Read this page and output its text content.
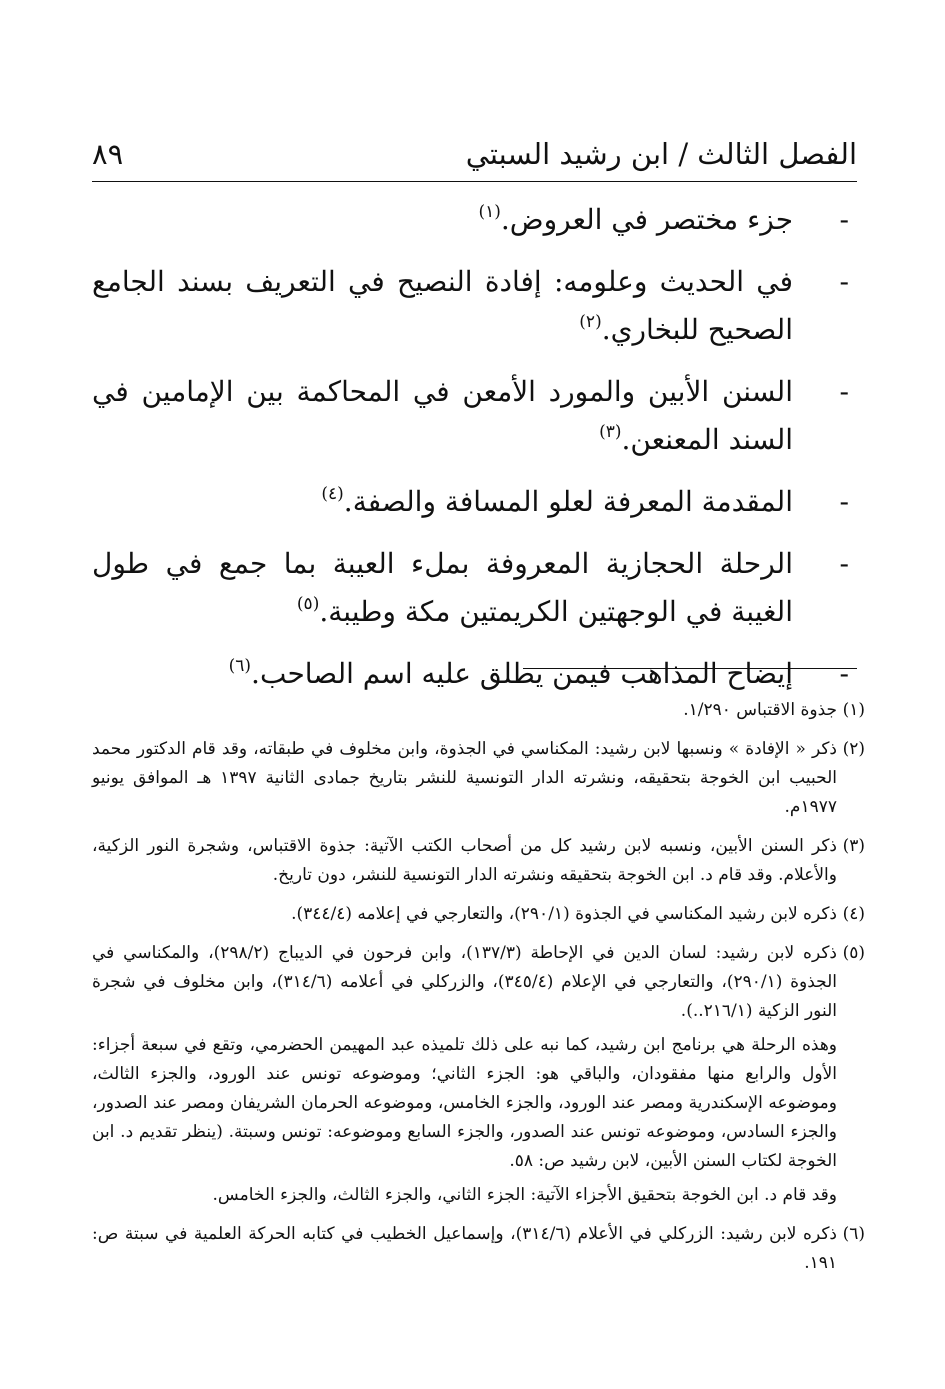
٨٩	الفصل الثالث / ابن رشيد السبتي
-
جزء مختصر في العروض.$^{(١)}$
-
في الحديث وعلومه: إفادة النصيح في التعريف بسند الجامع الصحيح للبخاري.$^{(٢)}$
-
السنن الأبين والمورد الأمعن في المحاكمة بين الإمامين في السند المعنعن.$^{(٣)}$
-
المقدمة المعرفة لعلو المسافة والصفة.$^{(٤)}$
-
الرحلة الحجازية المعروفة بملء العيبة بما جمع في طول الغيبة في الوجهتين الكريمتين مكة وطيبة.$^{(٥)}$
-
إيضاح المذاهب فيمن يطلق عليه اسم الصاحب.$^{(٦)}$
(١)

جذوة الاقتباس ١/٢٩٠.

(٢)

ذكر « الإفادة » ونسبها لابن رشيد: المكناسي في الجذوة، وابن مخلوف في طبقاته، وقد قام الدكتور محمد الحبيب ابن الخوجة بتحقيقه، ونشرته الدار التونسية للنشر بتاريخ جمادى الثانية ١٣٩٧ هـ الموافق يونيو ١٩٧٧م.

(٣)

ذكر السنن الأبين، ونسبه لابن رشيد كل من أصحاب الكتب الآتية: جذوة الاقتباس، وشجرة النور الزكية، والأعلام. وقد قام د. ابن الخوجة بتحقيقه ونشرته الدار التونسية للنشر، دون تاريخ.

(٤)

ذكره لابن رشيد المكناسي في الجذوة (٢٩٠/١)، والتعارجي في إعلامه (٣٤٤/٤).

(٥)

ذكره لابن رشيد: لسان الدين في الإحاطة (١٣٧/٣)، وابن فرحون في الديباج (٢٩٨/٢)، والمكناسي في الجذوة (٢٩٠/١)، والتعارجي في الإعلام (٣٤٥/٤)، والزركلي في أعلامه (٣١٤/٦)، وابن مخلوف في شجرة النور الزكية (٢١٦/١..).

وهذه الرحلة هي برنامج ابن رشيد، كما نبه على ذلك تلميذه عبد المهيمن الحضرمي، وتقع في سبعة أجزاء: الأول والرابع منها مفقودان، والباقي هو: الجزء الثاني؛ وموضوعه تونس عند الورود، والجزء الثالث، وموضوعه الإسكندرية ومصر عند الورود، والجزء الخامس، وموضوعه الحرمان الشريفان ومصر عند الصدور، والجزء السادس، وموضوعه تونس عند الصدور، والجزء السابع وموضوعه: تونس وسبتة. (ينظر تقديم د. ابن الخوجة لكتاب السنن الأبين، لابن رشيد ص: ٥٨.

وقد قام د. ابن الخوجة بتحقيق الأجزاء الآتية: الجزء الثاني، والجزء الثالث، والجزء الخامس.

(٦)

ذكره لابن رشيد: الزركلي في الأعلام (٣١٤/٦)، وإسماعيل الخطيب في كتابه الحركة العلمية في سبتة ص: ١٩١.
